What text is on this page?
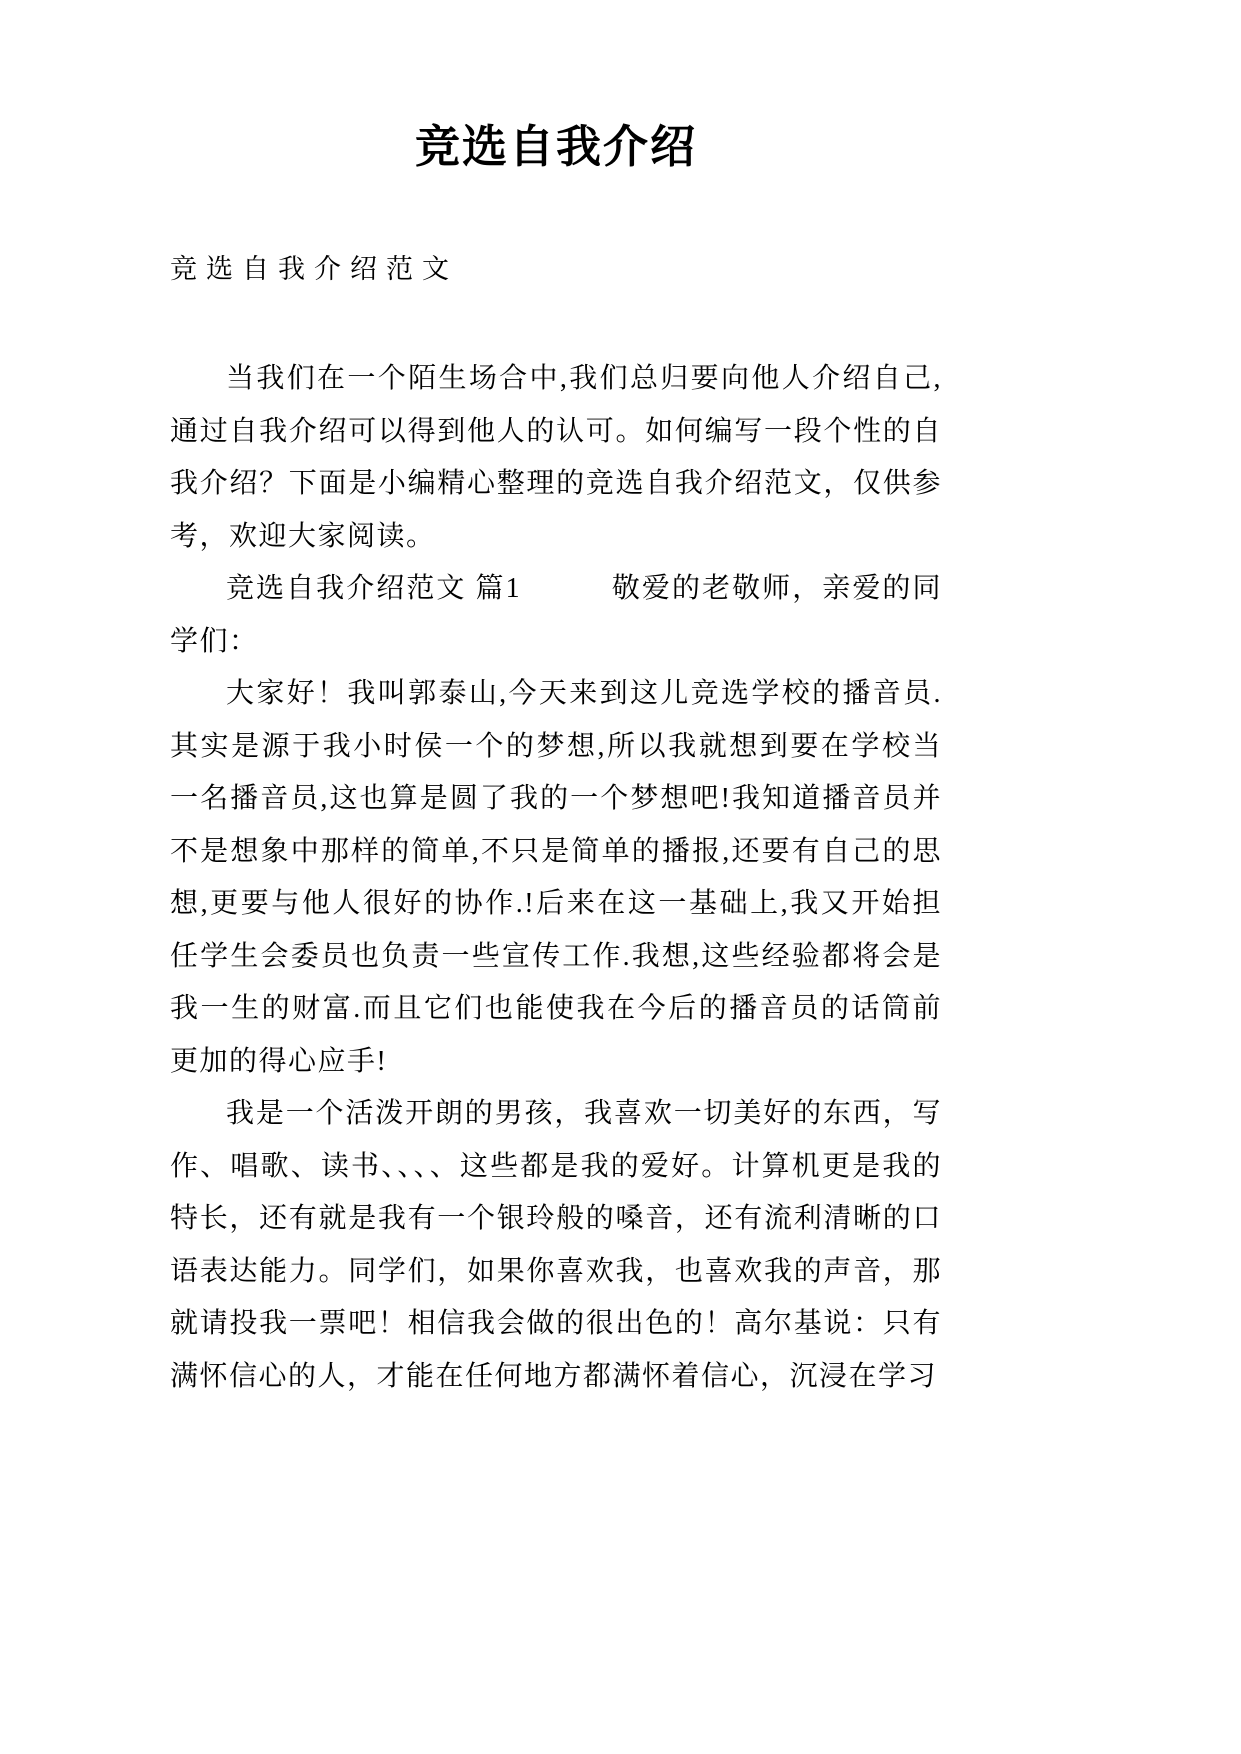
竞选自我介绍
竞选自我介绍范文

当我们在一个陌生场合中,我们总归要向他人介绍自己,通过自我介绍可以得到他人的认可。如何编写一段个性的自我介绍？下面是小编精心整理的竞选自我介绍范文，仅供参考，欢迎大家阅读。

竞选自我介绍范文 篇1　　　敬爱的老敬师，亲爱的同学们：

大家好！我叫郭泰山,今天来到这儿竞选学校的播音员.其实是源于我小时侯一个的梦想,所以我就想到要在学校当一名播音员,这也算是圆了我的一个梦想吧!我知道播音员并不是想象中那样的简单,不只是简单的播报,还要有自己的思想,更要与他人很好的协作.!后来在这一基础上,我又开始担任学生会委员也负责一些宣传工作.我想,这些经验都将会是我一生的财富.而且它们也能使我在今后的播音员的话筒前更加的得心应手!

我是一个活泼开朗的男孩，我喜欢一切美好的东西，写作、唱歌、读书、、、、这些都是我的爱好。计算机更是我的特长，还有就是我有一个银玲般的嗓音，还有流利清晰的口语表达能力。同学们，如果你喜欢我，也喜欢我的声音，那就请投我一票吧！相信我会做的很出色的！高尔基说：只有满怀信心的人，才能在任何地方都满怀着信心，沉浸在学习
